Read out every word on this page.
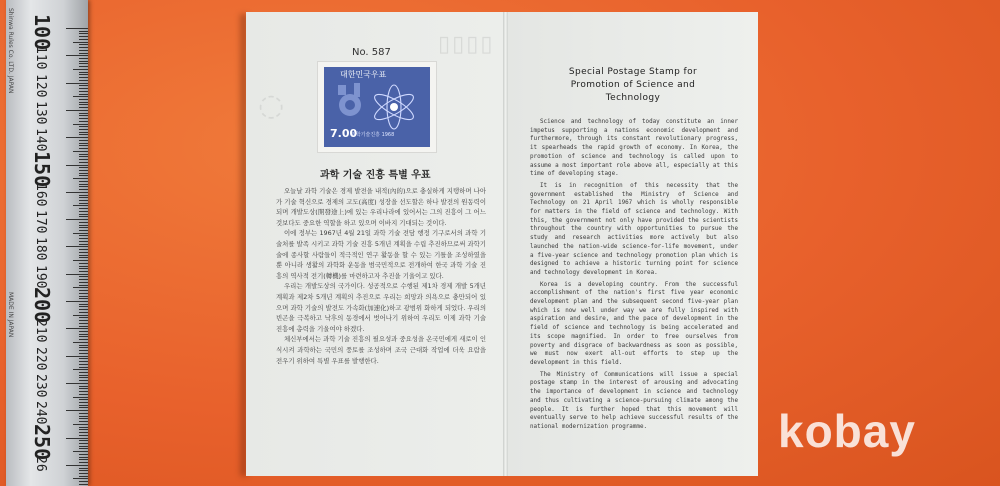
Shinwa Rules Co. LTD. JAPAN
MADE IN JAPAN
100
110
120
130
140
150
160
170
180
190
200
210
220
230
240
250
26
▯▯▯▯
◌
No. 587
대한민국우표
7.00
과학기술진흥 1968
과학 기술 진흥 특별 우표

오늘날 과학 기술은 경제 발전을 내적(內的)으로 충실하게 지탱하며 나아가 기술 혁신으로 경제의 고도(高度) 성장을 선도할은 하나 발전의 원동력이 되며 개발도상(開發途上)에 있는 우리나라에 있어서는 그의 진흥이 그 어느 것보다도 중요한 역할을 하고 있으며 이바지 기대되는 것이다.

이에 정부는 1967년 4월 21일 과학 기술 전담 행정 기구로서의 과학 기술처를 발족 시키고 과학 기술 진흥 5개년 계획을 수립 추진하므로써 과학기술에 종사할 사람들이 적극적인 연구 활동을 할 수 있는 기틀을 조성하였을 뿐 아니라 생활의 과학화 운동을 범국민적으로 전개하여 한국 과학 기술 진흥의 역사적 전기(轉機)를 마련하고자 추진을 기울이고 있다.

우리는 개발도상의 국가이다. 성공적으로 수행된 제1차 경제 개발 5개년 계획과 제2차 5개년 계획의 추진으로 우리는 희망과 의욕으로 충만되어 있으며 과학 기술의 발전도 가속화(加速化)하고 광범위 화하게 되었다. 우리의 빈곤을 극복하고 낙후의 동경에서 벗어나기 위하여 우리도 이제 과학 기술 진흥에 총력을 기울여야 하겠다.

체신부에서는 과학 기술 진흥의 필요성과 중요성을 온국민에게 새로이 인식시켜 과학하는 국민의 풍토를 조성하며 조국 근대화 작업에 더욱 요람을 전우기 위하여 특별 우표를 발행한다.

Special Postage Stamp for Promotion of Science and Technology

Science and technology of today constitute an inner impetus supporting a nations economic development and furthermore, through its constant revolutionary progress, it spearheads the rapid growth of economy. In Korea, the promotion of science and technology is called upon to assume a most important role above all, especially at this time of developing stage.

It is in recognition of this necessity that the government established the Ministry of Science and Technology on 21 April 1967 which is wholly responsible for matters in the field of science and technology. With this, the government not only have provided the scientists throughout the country with opportunities to pursue the study and research activities more actively but also launched the nation-wide science-for-life movement, under a five-year science and technology promotion plan which is designed to achieve a historic turning point for science and technology development in Korea.

Korea is a developing country. From the successful accomplishment of the nation's first five year economic development plan and the subsequent second five-year plan which is now well under way we are fully inspired with aspiration and desire, and the pace of development in the field of science and technology is being accelerated and its scope magnified. In order to free ourselves from poverty and disgrace of backwardness as soon as possible, we must now exert all-out efforts to step up the development in this field.

The Ministry of Communications will issue a special postage stamp in the interest of arousing and advocating the importance of development in science and technology and thus cultivating a science-pursuing climate among the people. It is further hoped that this movement will eventually serve to help achieve successful results of the national modernization programme.	kobay
